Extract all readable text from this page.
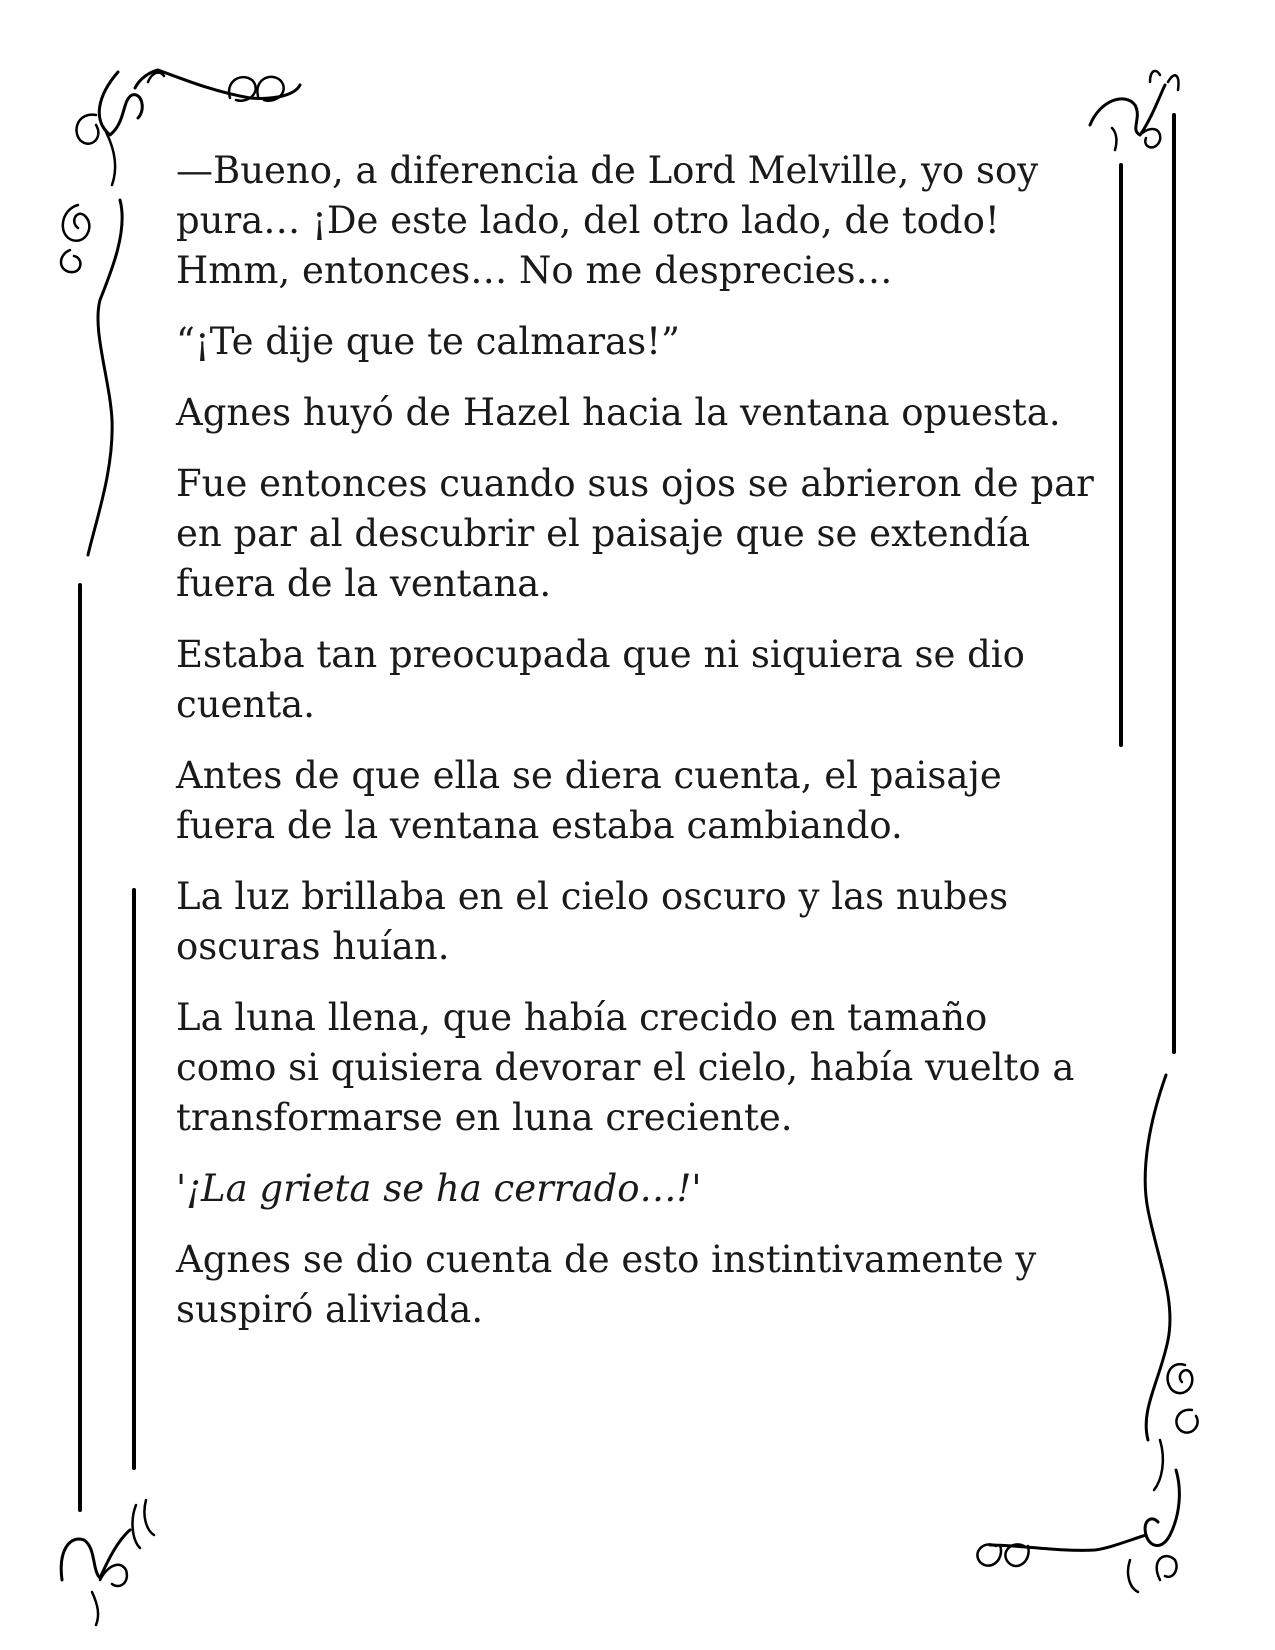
—Bueno, a diferencia de Lord Melville, yo soy pura… ¡De este lado, del otro lado, de todo! Hmm, entonces… No me desprecies…

“¡Te dije que te calmaras!”

Agnes huyó de Hazel hacia la ventana opuesta.

Fue entonces cuando sus ojos se abrieron de par en par al descubrir el paisaje que se extendía fuera de la ventana.

Estaba tan preocupada que ni siquiera se dio cuenta.

Antes de que ella se diera cuenta, el paisaje fuera de la ventana estaba cambiando.

La luz brillaba en el cielo oscuro y las nubes oscuras huían.

La luna llena, que había crecido en tamaño como si quisiera devorar el cielo, había vuelto a transformarse en luna creciente.

'¡La grieta se ha cerrado…!'

Agnes se dio cuenta de esto instintivamente y suspiró aliviada.
